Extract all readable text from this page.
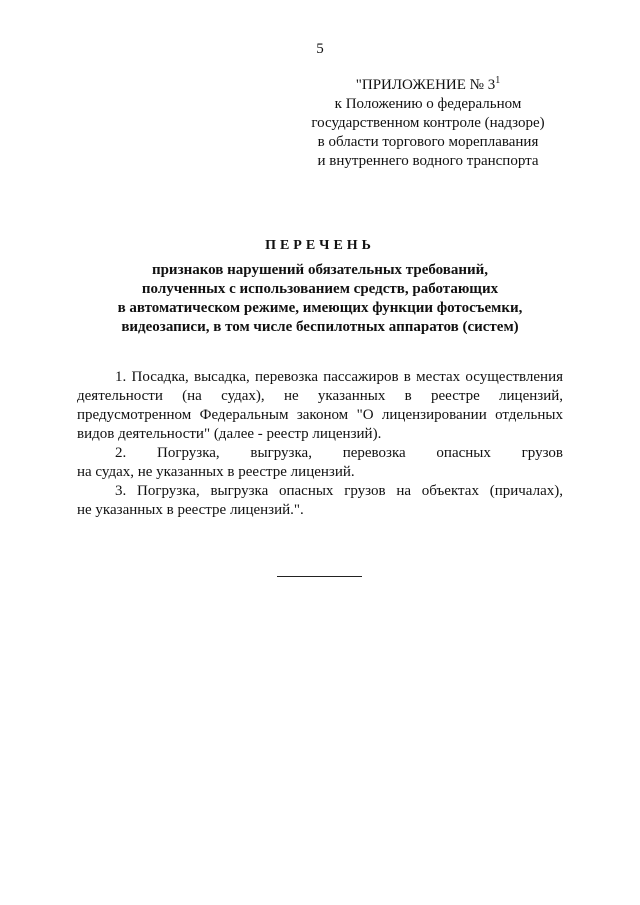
5
"ПРИЛОЖЕНИЕ № $3^1$
к Положению о федеральном
государственном контроле (надзоре)
в области торгового мореплавания
и внутреннего водного транспорта
ПЕРЕЧЕНЬ
признаков нарушений обязательных требований,
полученных с использованием средств, работающих
в автоматическом режиме, имеющих функции фотосъемки,
видеозаписи, в том числе беспилотных аппаратов (систем)
1. Посадка, высадка, перевозка пассажиров в местах осуществления
деятельности (на судах), не указанных в реестре лицензий,
предусмотренном Федеральным законом "О лицензировании отдельных
видов деятельности" (далее - реестр лицензий).
2. Погрузка, выгрузка, перевозка опасных грузов
на судах, не указанных в реестре лицензий.
3. Погрузка, выгрузка опасных грузов на объектах (причалах),
не указанных в реестре лицензий.".
